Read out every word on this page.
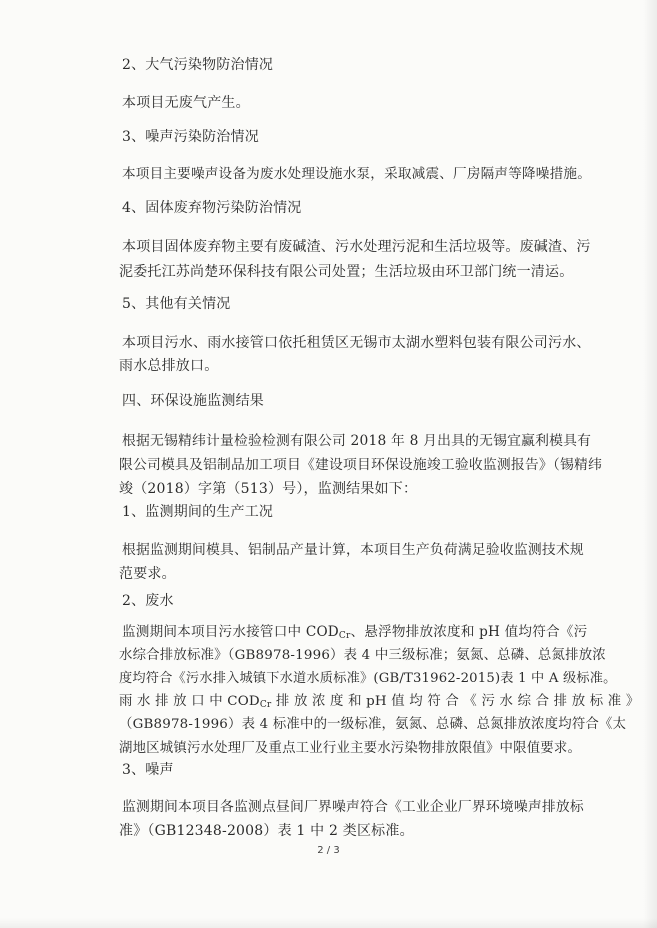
2、大气污染物防治情况
本项目无废气产生。
3、噪声污染防治情况
本项目主要噪声设备为废水处理设施水泵，采取减震、厂房隔声等降噪措施。
4、固体废弃物污染防治情况
本项目固体废弃物主要有废碱渣、污水处理污泥和生活垃圾等。废碱渣、污
泥委托江苏尚楚环保科技有限公司处置；生活垃圾由环卫部门统一清运。
5、其他有关情况
本项目污水、雨水接管口依托租赁区无锡市太湖水塑料包装有限公司污水、
雨水总排放口。
四、环保设施监测结果
根据无锡精纬计量检验检测有限公司 2018 年 8 月出具的无锡宜赢利模具有
限公司模具及铝制品加工项目《建设项目环保设施竣工验收监测报告》（锡精纬
竣（2018）字第（513）号），监测结果如下：
1、监测期间的生产工况
根据监测期间模具、铝制品产量计算，本项目生产负荷满足验收监测技术规
范要求。
2、废水
监测期间本项目污水接管口中 $COD_{Cr}$、悬浮物排放浓度和 pH 值均符合《污
水综合排放标准》（GB8978-1996）表 4 中三级标准；氨氮、总磷、总氮排放浓
度均符合《污水排入城镇下水道水质标准》(GB/T31962-2015)表 1 中 A 级标准。
雨 水 排 放 口 中 $COD_{Cr}$ 排 放 浓 度 和 pH 值 均 符 合 《 污 水 综 合 排 放 标 准 》
（GB8978-1996）表 4 标准中的一级标准，氨氮、总磷、总氮排放浓度均符合《太
湖地区城镇污水处理厂及重点工业行业主要水污染物排放限值》中限值要求。
3、噪声
监测期间本项目各监测点昼间厂界噪声符合《工业企业厂界环境噪声排放标
准》（GB12348-2008）表 1 中 2 类区标准。
2 / 3
